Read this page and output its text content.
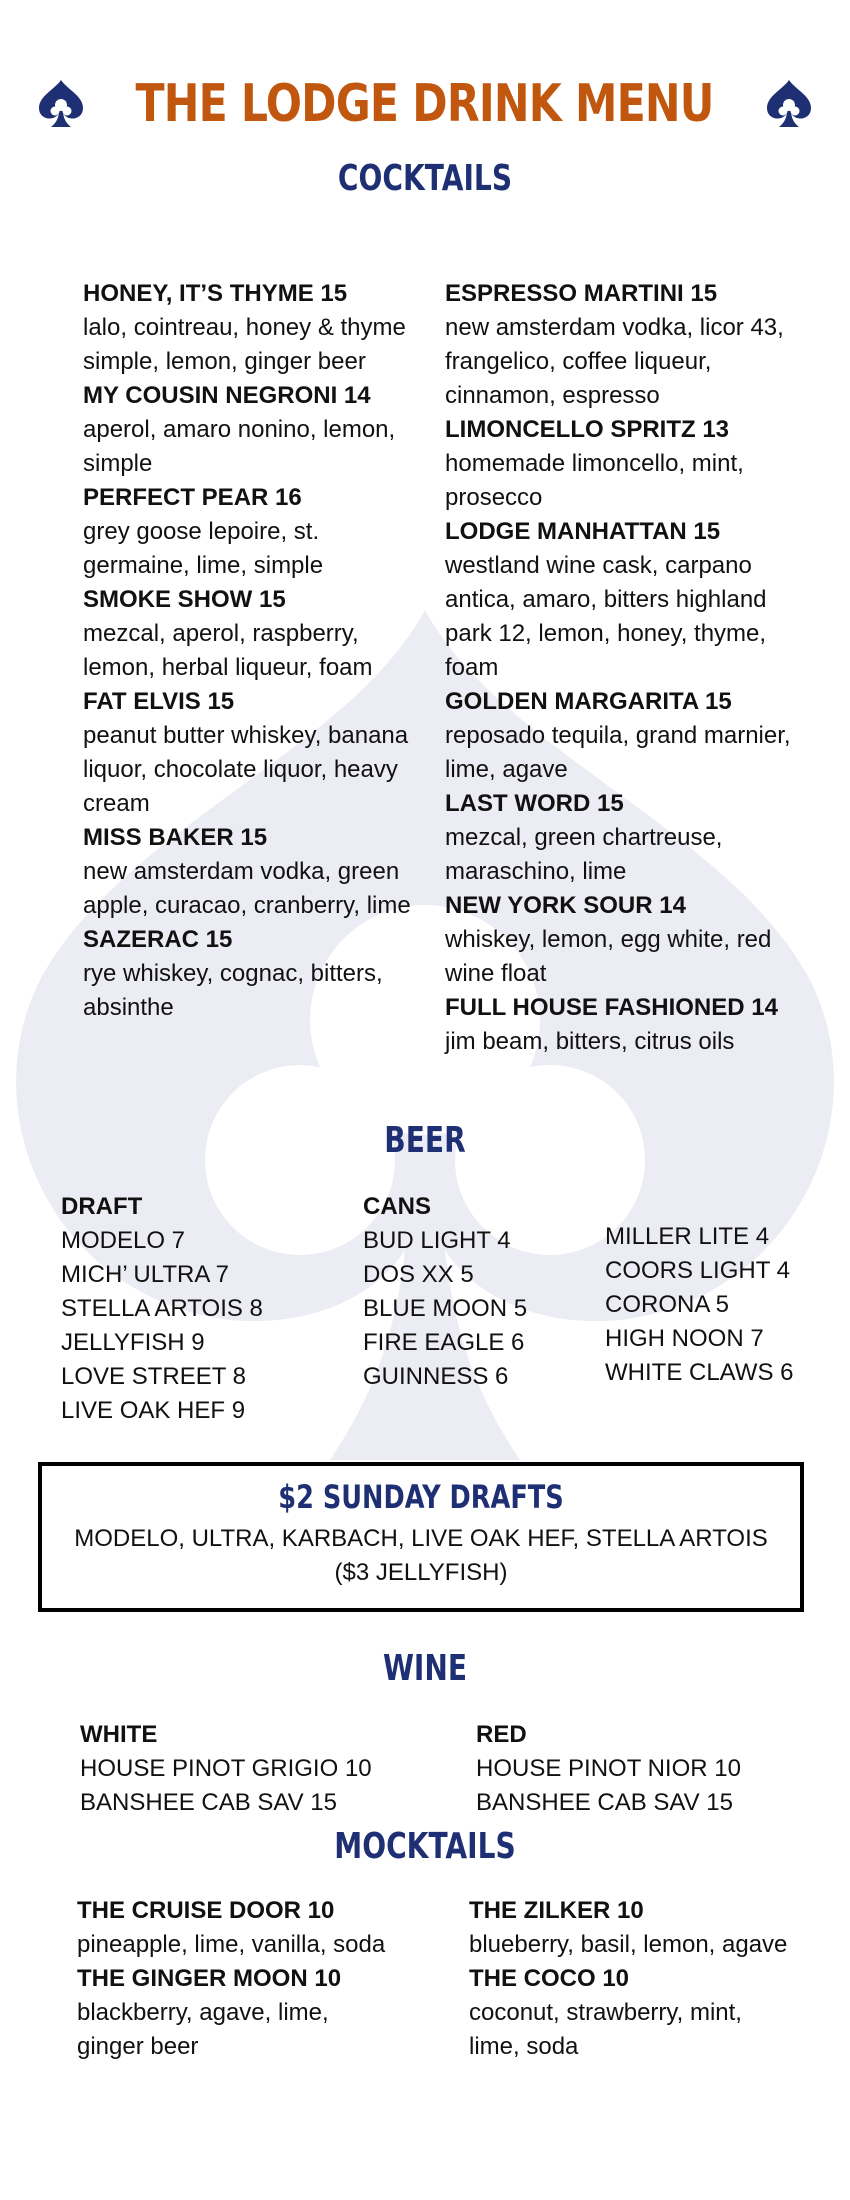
THE LODGE DRINK MENU
COCKTAILS
HONEY, IT’S THYME 15
lalo, cointreau, honey & thyme simple, lemon, ginger beer
MY COUSIN NEGRONI 14
aperol, amaro nonino, lemon, simple
PERFECT PEAR 16
grey goose lepoire, st. germaine, lime, simple
SMOKE SHOW 15
mezcal, aperol, raspberry, lemon, herbal liqueur, foam
FAT ELVIS 15
peanut butter whiskey, banana liquor, chocolate liquor, heavy cream
MISS BAKER 15
new amsterdam vodka, green apple, curacao, cranberry, lime
SAZERAC 15
rye whiskey, cognac, bitters, absinthe
ESPRESSO MARTINI 15
new amsterdam vodka, licor 43, frangelico, coffee liqueur, cinnamon, espresso
LIMONCELLO SPRITZ 13
homemade limoncello, mint, prosecco
LODGE MANHATTAN 15
westland wine cask, carpano antica, amaro, bitters highland park 12, lemon, honey, thyme, foam
GOLDEN MARGARITA 15
reposado tequila, grand marnier, lime, agave
LAST WORD 15
mezcal, green chartreuse, maraschino, lime
NEW YORK SOUR 14
whiskey, lemon, egg white, red wine float
FULL HOUSE FASHIONED 14
jim beam, bitters, citrus oils
BEER
DRAFT
MODELO 7
MICH’ ULTRA 7
STELLA ARTOIS 8
JELLYFISH 9
LOVE STREET 8
LIVE OAK HEF 9
CANS
BUD LIGHT 4
DOS XX 5
BLUE MOON 5
FIRE EAGLE 6
GUINNESS 6
MILLER LITE 4
COORS LIGHT 4
CORONA 5
HIGH NOON 7
WHITE CLAWS 6
$2 SUNDAY DRAFTS
MODELO, ULTRA, KARBACH, LIVE OAK HEF, STELLA ARTOIS ($3 JELLYFISH)
WINE
WHITE
HOUSE PINOT GRIGIO 10
BANSHEE CAB SAV 15
RED
HOUSE PINOT NIOR 10
BANSHEE CAB SAV 15
MOCKTAILS
THE CRUISE DOOR 10
pineapple, lime, vanilla, soda
THE GINGER MOON 10
blackberry, agave, lime, ginger beer
THE ZILKER 10
blueberry, basil, lemon, agave
THE COCO 10
coconut, strawberry, mint, lime, soda
